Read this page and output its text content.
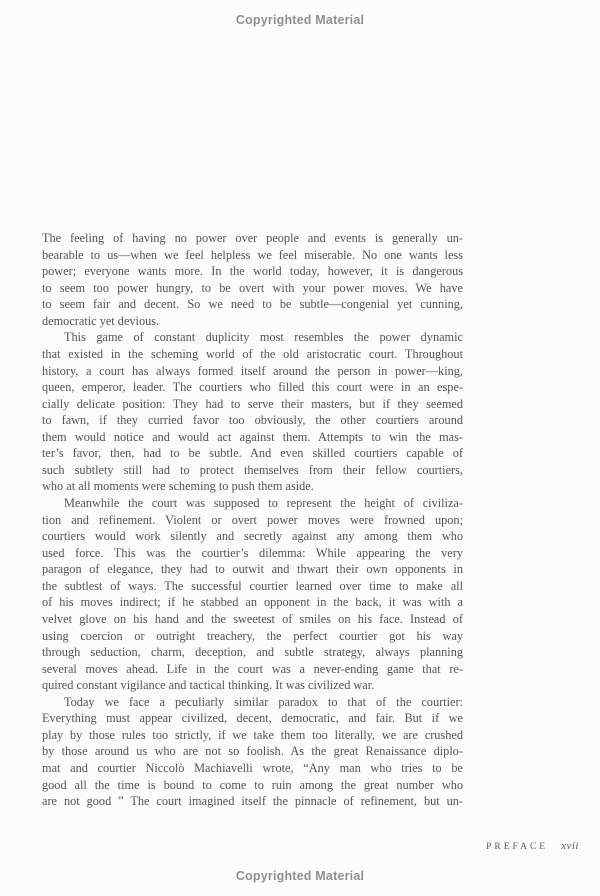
Copyrighted Material
The feeling of having no power over people and events is generally un-
bearable to us—when we feel helpless we feel miserable. No one wants less
power; everyone wants more. In the world today, however, it is dangerous
to seem too power hungry, to be overt with your power moves. We have
to seem fair and decent. So we need to be subtle—congenial yet cunning,
democratic yet devious.
This game of constant duplicity most resembles the power dynamic
that existed in the scheming world of the old aristocratic court. Throughout
history, a court has always formed itself around the person in power—king,
queen, emperor, leader. The courtiers who filled this court were in an espe-
cially delicate position: They had to serve their masters, but if they seemed
to fawn, if they curried favor too obviously, the other courtiers around
them would notice and would act against them. Attempts to win the mas-
ter’s favor, then, had to be subtle. And even skilled courtiers capable of
such subtlety still had to protect themselves from their fellow courtiers,
who at all moments were scheming to push them aside.
Meanwhile the court was supposed to represent the height of civiliza-
tion and refinement. Violent or overt power moves were frowned upon;
courtiers would work silently and secretly against any among them who
used force. This was the courtier’s dilemma: While appearing the very
paragon of elegance, they had to outwit and thwart their own opponents in
the subtlest of ways. The successful courtier learned over time to make all
of his moves indirect; if he stabbed an opponent in the back, it was with a
velvet glove on his hand and the sweetest of smiles on his face. Instead of
using coercion or outright treachery, the perfect courtier got his way
through seduction, charm, deception, and subtle strategy, always planning
several moves ahead. Life in the court was a never-ending game that re-
quired constant vigilance and tactical thinking. It was civilized war.
Today we face a peculiarly similar paradox to that of the courtier:
Everything must appear civilized, decent, democratic, and fair. But if we
play by those rules too strictly, if we take them too literally, we are crushed
by those around us who are not so foolish. As the great Renaissance diplo-
mat and courtier Niccolò Machiavelli wrote, “Any man who tries to be
good all the time is bound to come to ruin among the great number who
are not good ” The court imagined itself the pinnacle of refinement, but un-
PREFACE xvii
Copyrighted Material
